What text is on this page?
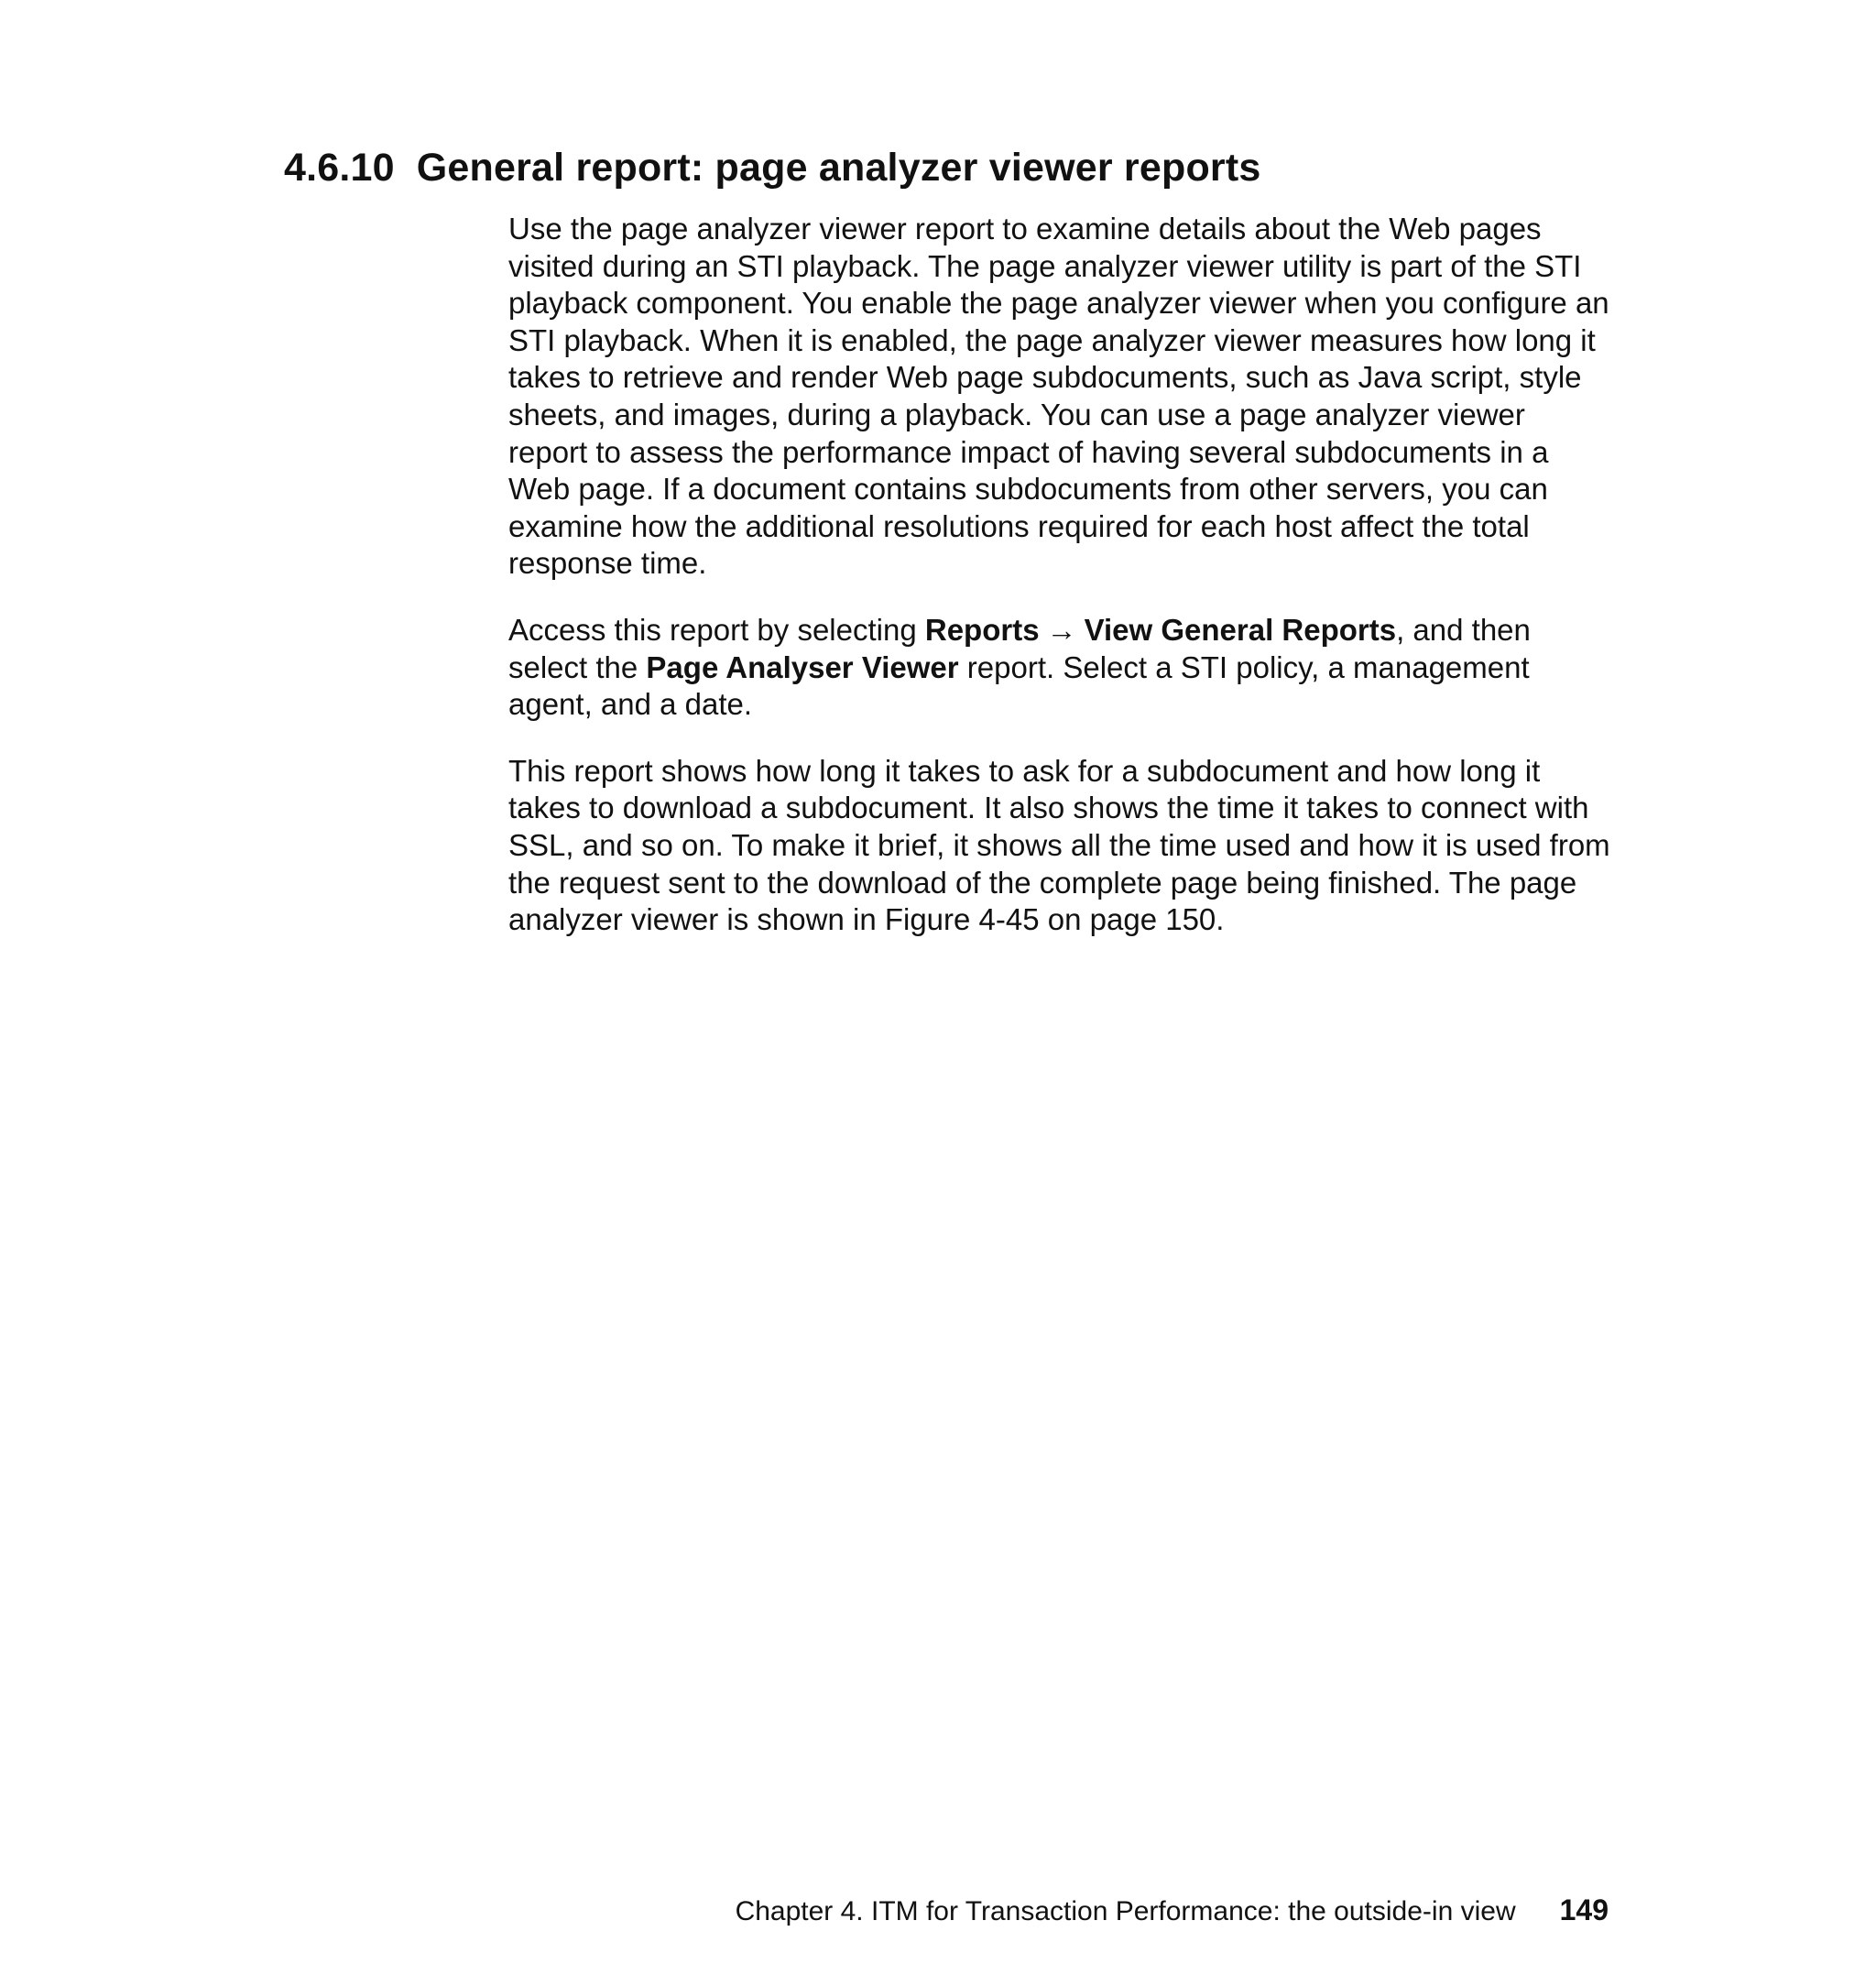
4.6.10 General report: page analyzer viewer reports

Use the page analyzer viewer report to examine details about the Web pages visited during an STI playback. The page analyzer viewer utility is part of the STI playback component. You enable the page analyzer viewer when you configure an STI playback. When it is enabled, the page analyzer viewer measures how long it takes to retrieve and render Web page subdocuments, such as Java script, style sheets, and images, during a playback. You can use a page analyzer viewer report to assess the performance impact of having several subdocuments in a Web page. If a document contains subdocuments from other servers, you can examine how the additional resolutions required for each host affect the total response time.

Access this report by selecting Reports → View General Reports, and then select the Page Analyser Viewer report. Select a STI policy, a management agent, and a date.

This report shows how long it takes to ask for a subdocument and how long it takes to download a subdocument. It also shows the time it takes to connect with SSL, and so on. To make it brief, it shows all the time used and how it is used from the request sent to the download of the complete page being finished. The page analyzer viewer is shown in Figure 4-45 on page 150.

Chapter 4. ITM for Transaction Performance: the outside-in view 149
